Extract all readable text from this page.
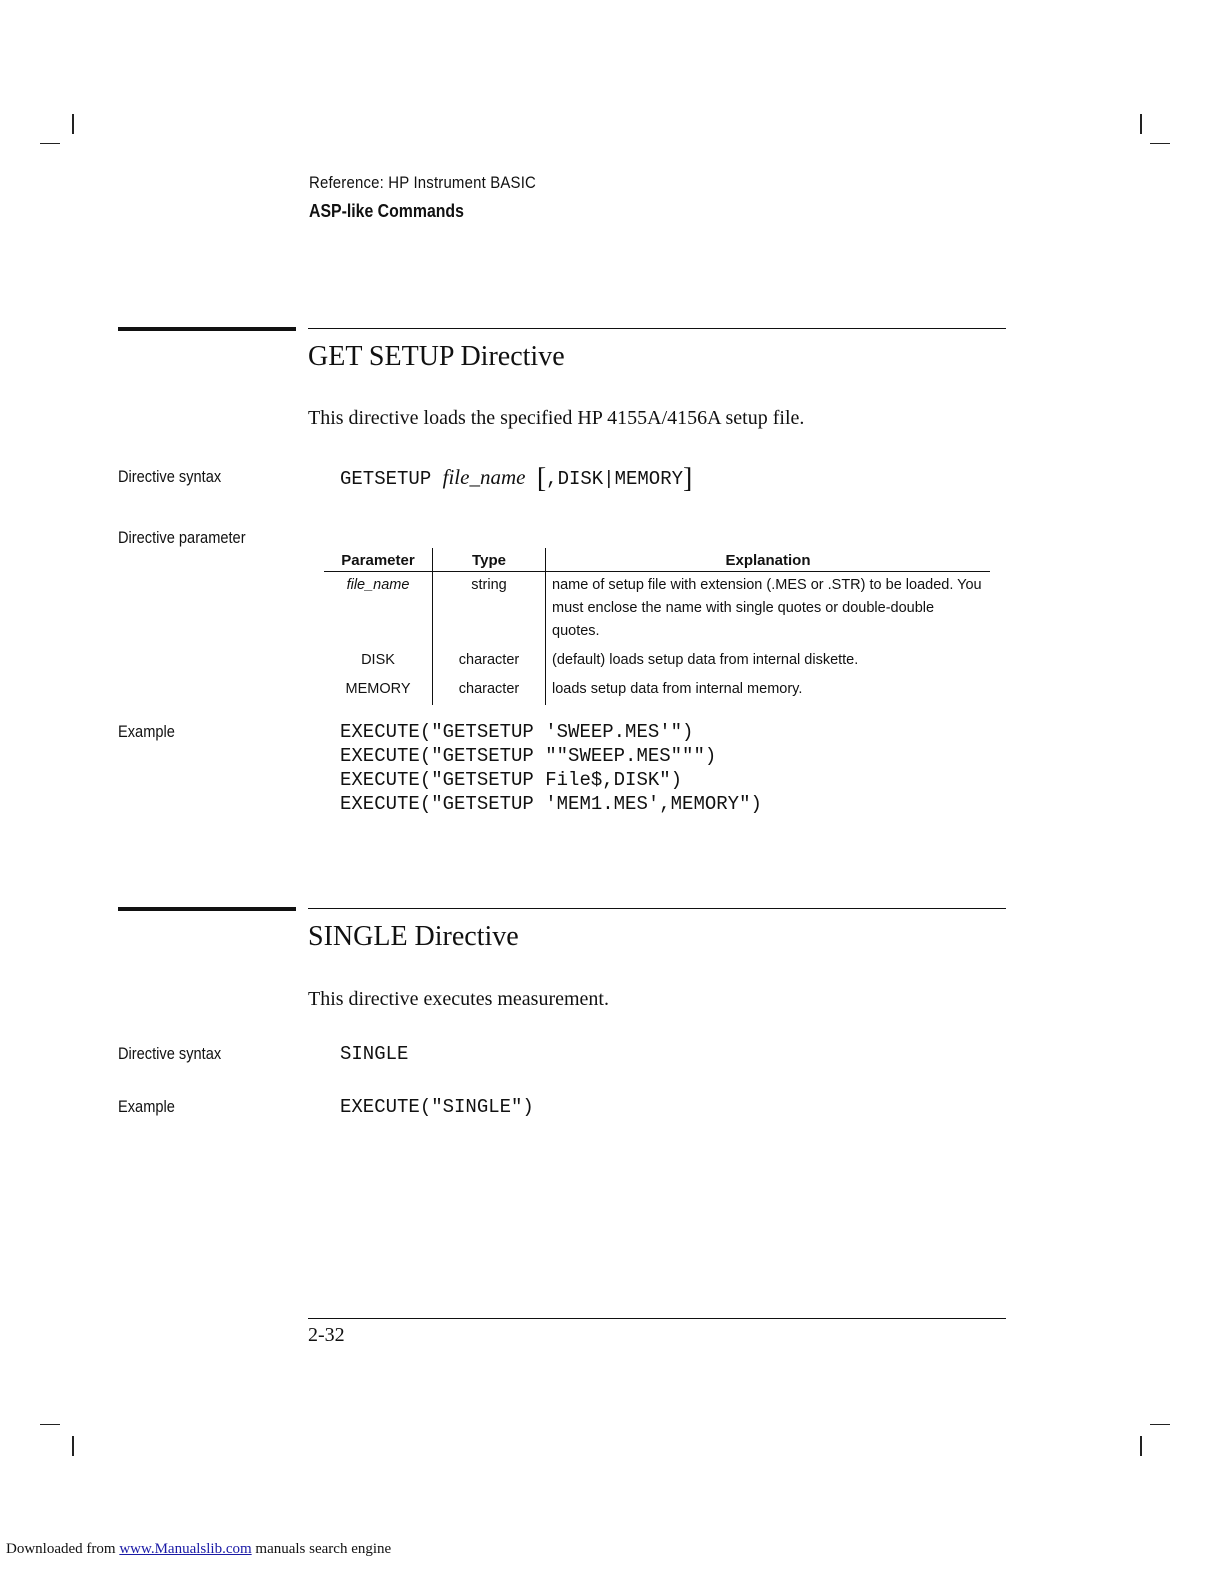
Reference: HP Instrument BASIC
ASP-like Commands
GET SETUP Directive
This directive loads the specified HP 4155A/4156A setup file.
Directive syntax	GETSETUP file_name [,DISK|MEMORY]
Directive parameter
Parameter	Type	Explanation
file_name	string	name of setup file with extension (.MES or .STR) to be loaded. You must enclose the name with single quotes or double-double quotes.
DISK	character	(default) loads setup data from internal diskette.
MEMORY	character	loads setup data from internal memory.
Example	EXECUTE("GETSETUP 'SWEEP.MES'")
EXECUTE("GETSETUP ""SWEEP.MES""")
EXECUTE("GETSETUP File$,DISK")
EXECUTE("GETSETUP 'MEM1.MES',MEMORY")
SINGLE Directive
This directive executes measurement.
Directive syntax	SINGLE
Example	EXECUTE("SINGLE")
2-32
Downloaded from www.Manualslib.com manuals search engine
